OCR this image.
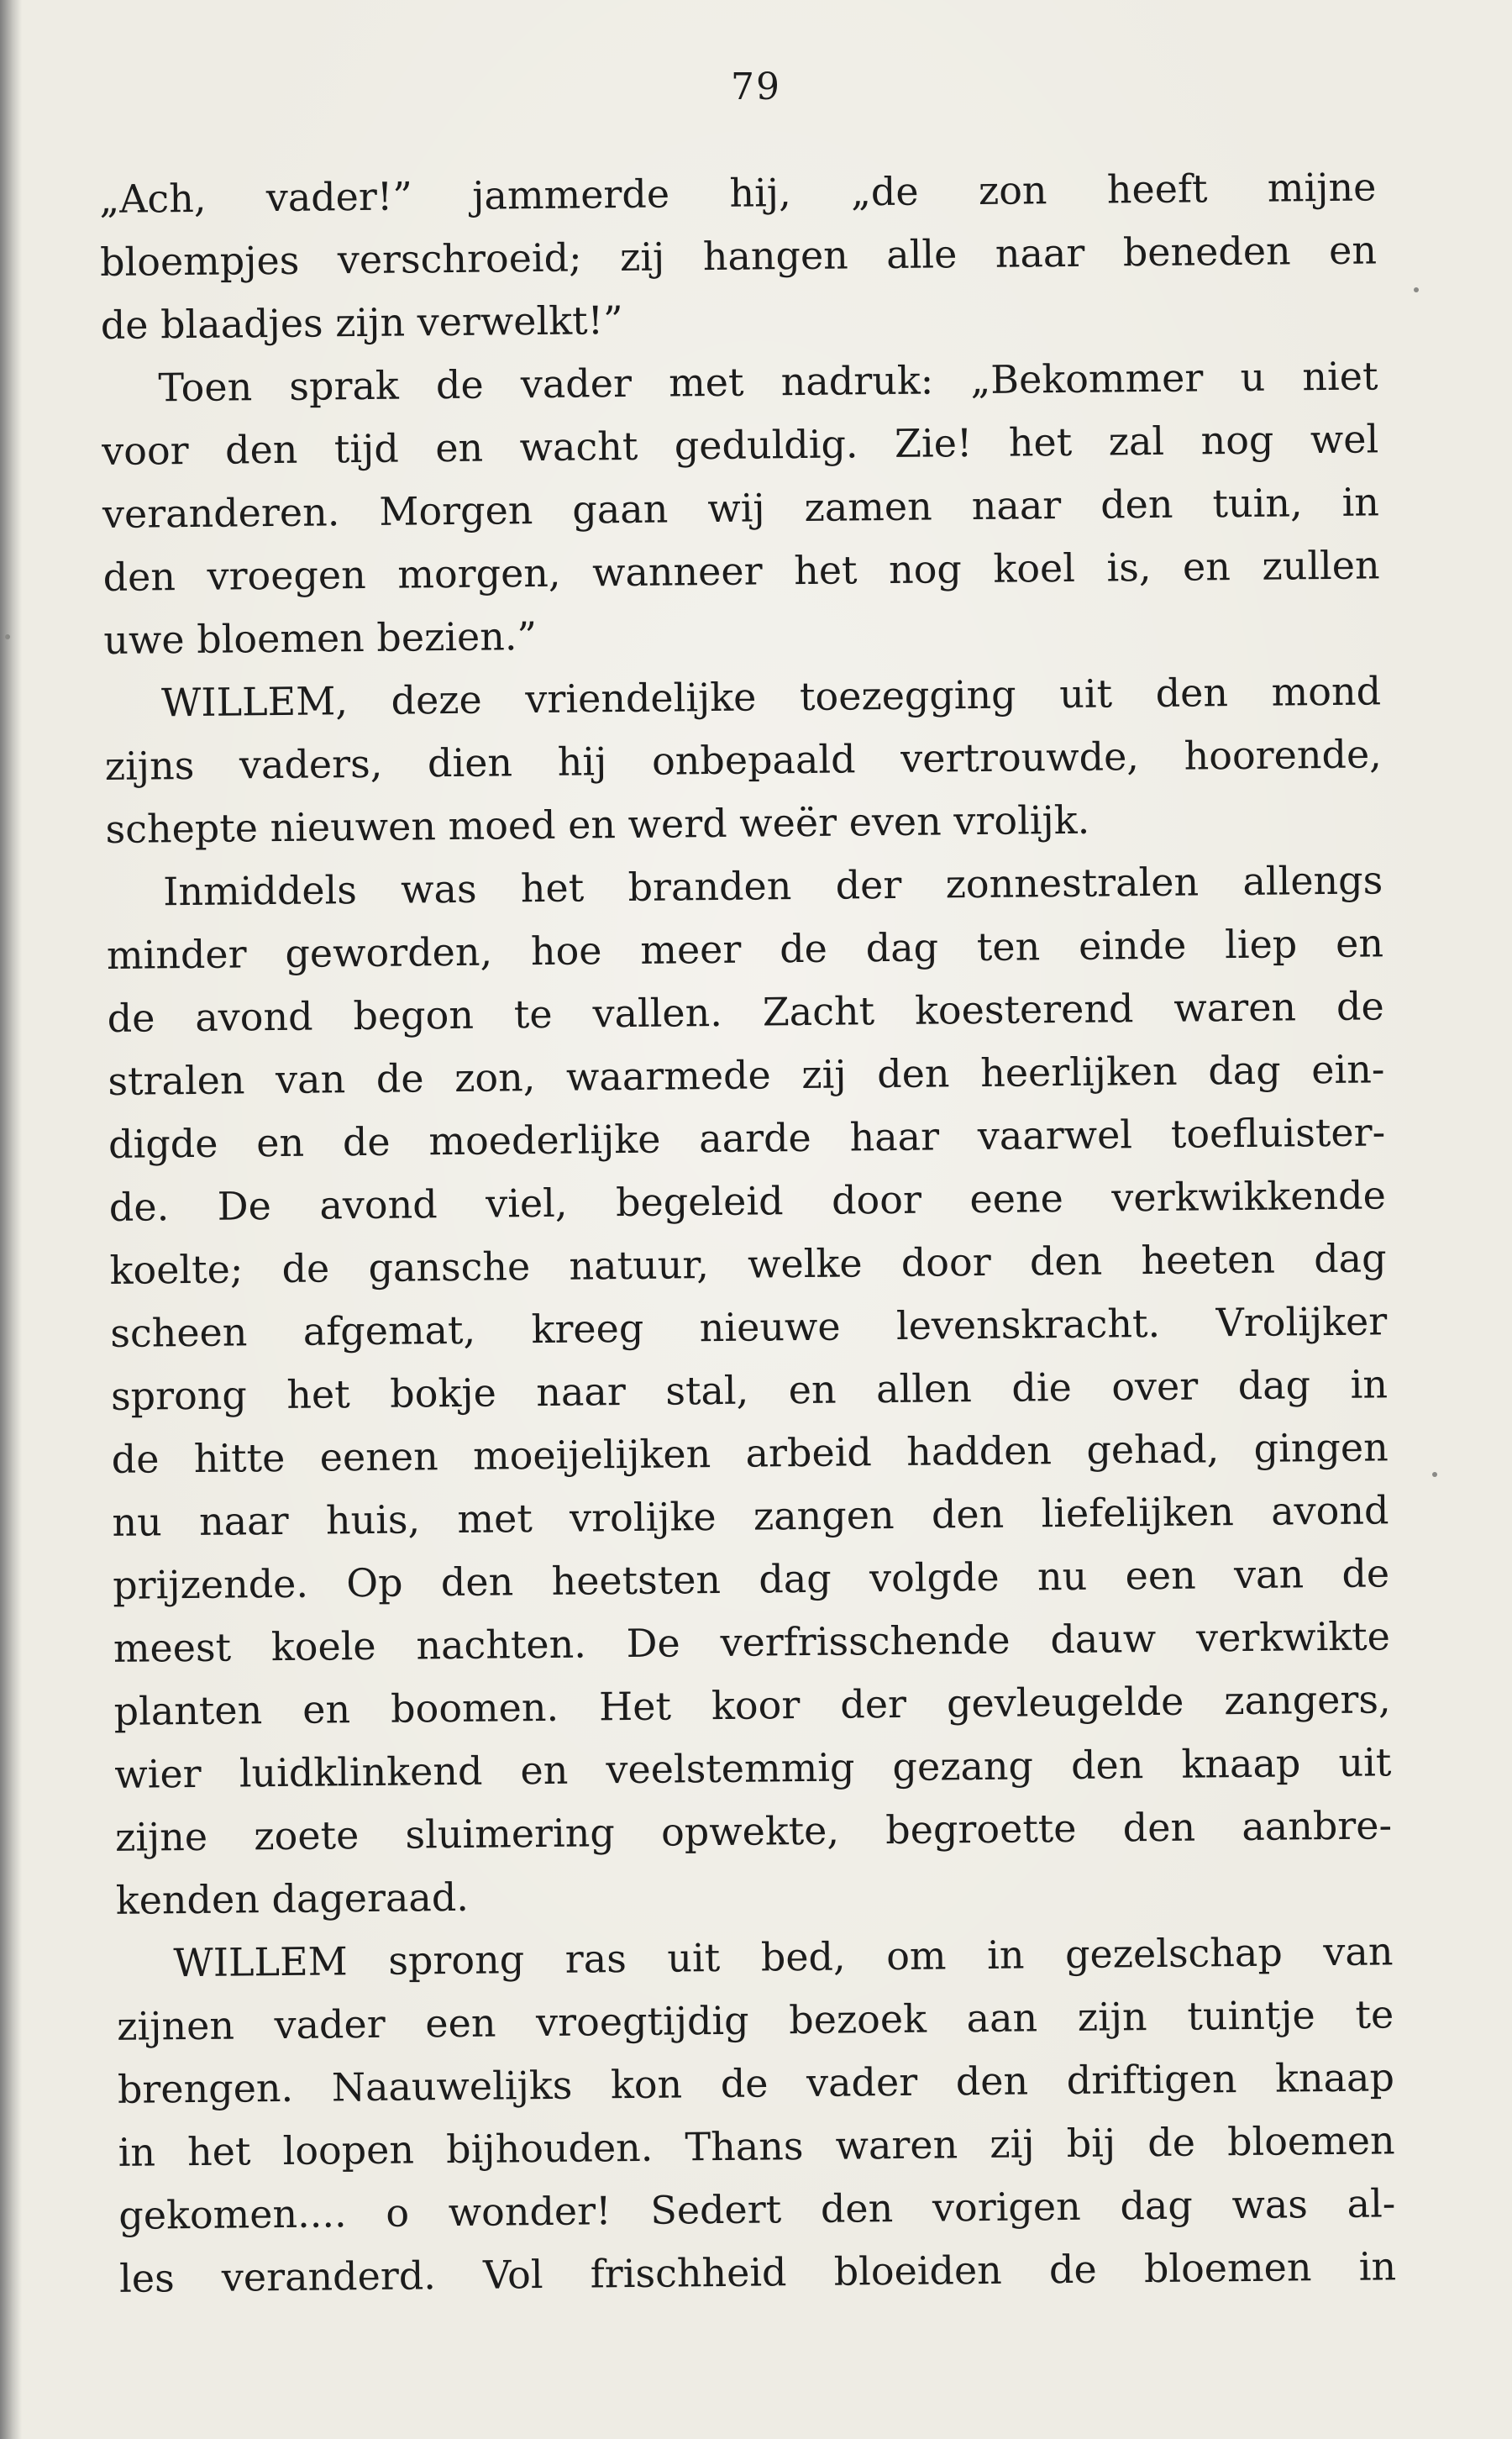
79
„Ach, vader!” jammerde hij, „de zon heeft mijne
bloempjes verschroeid; zij hangen alle naar beneden en
de blaadjes zijn verwelkt!”
Toen sprak de vader met nadruk: „Bekommer u niet
voor den tijd en wacht geduldig. Zie! het zal nog wel
veranderen. Morgen gaan wij zamen naar den tuin, in
den vroegen morgen, wanneer het nog koel is, en zullen
uwe bloemen bezien.”
WILLEM, deze vriendelijke toezegging uit den mond
zijns vaders, dien hij onbepaald vertrouwde, hoorende,
schepte nieuwen moed en werd weër even vrolijk.
Inmiddels was het branden der zonnestralen allengs
minder geworden, hoe meer de dag ten einde liep en
de avond begon te vallen. Zacht koesterend waren de
stralen van de zon, waarmede zij den heerlijken dag ein-
digde en de moederlijke aarde haar vaarwel toefluister-
de. De avond viel, begeleid door eene verkwikkende
koelte; de gansche natuur, welke door den heeten dag
scheen afgemat, kreeg nieuwe levenskracht. Vrolijker
sprong het bokje naar stal, en allen die over dag in
de hitte eenen moeijelijken arbeid hadden gehad, gingen
nu naar huis, met vrolijke zangen den liefelijken avond
prijzende. Op den heetsten dag volgde nu een van de
meest koele nachten. De verfrisschende dauw verkwikte
planten en boomen. Het koor der gevleugelde zangers,
wier luidklinkend en veelstemmig gezang den knaap uit
zijne zoete sluimering opwekte, begroette den aanbre-
kenden dageraad.
WILLEM sprong ras uit bed, om in gezelschap van
zijnen vader een vroegtijdig bezoek aan zijn tuintje te
brengen. Naauwelijks kon de vader den driftigen knaap
in het loopen bijhouden. Thans waren zij bij de bloemen
gekomen.... o wonder! Sedert den vorigen dag was al-
les veranderd. Vol frischheid bloeiden de bloemen in
